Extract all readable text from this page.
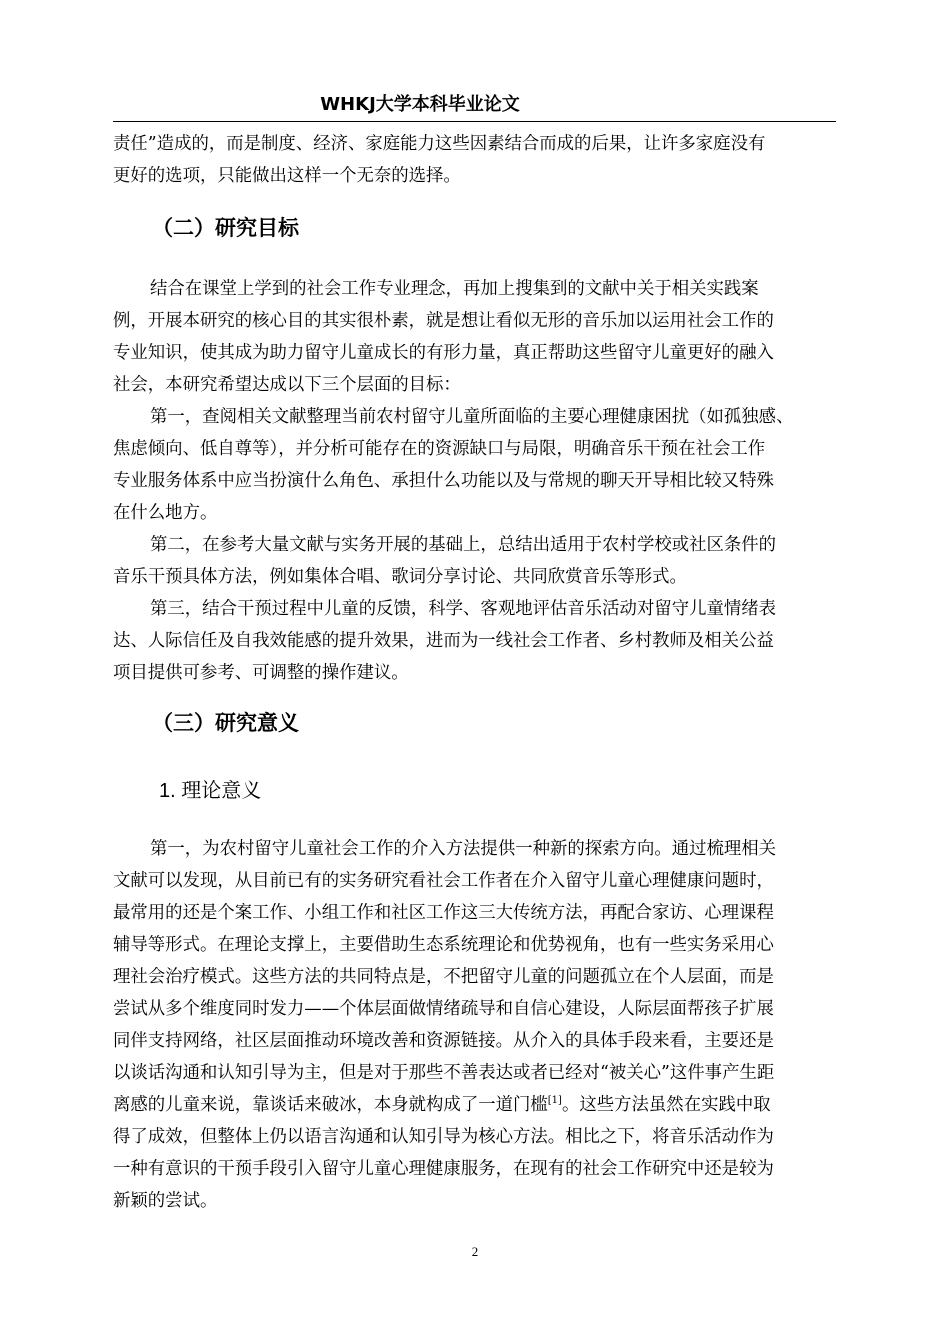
WHKJ大学本科毕业论文
责任”造成的，而是制度、经济、家庭能力这些因素结合而成的后果，让许多家庭没有
更好的选项，只能做出这样一个无奈的选择。
（二）研究目标
结合在课堂上学到的社会工作专业理念，再加上搜集到的文献中关于相关实践案
例，开展本研究的核心目的其实很朴素，就是想让看似无形的音乐加以运用社会工作的
专业知识，使其成为助力留守儿童成长的有形力量，真正帮助这些留守儿童更好的融入
社会，本研究希望达成以下三个层面的目标：
第一，查阅相关文献整理当前农村留守儿童所面临的主要心理健康困扰（如孤独感、
焦虑倾向、低自尊等），并分析可能存在的资源缺口与局限，明确音乐干预在社会工作
专业服务体系中应当扮演什么角色、承担什么功能以及与常规的聊天开导相比较又特殊
在什么地方。
第二，在参考大量文献与实务开展的基础上，总结出适用于农村学校或社区条件的
音乐干预具体方法，例如集体合唱、歌词分享讨论、共同欣赏音乐等形式。
第三，结合干预过程中儿童的反馈，科学、客观地评估音乐活动对留守儿童情绪表
达、人际信任及自我效能感的提升效果，进而为一线社会工作者、乡村教师及相关公益
项目提供可参考、可调整的操作建议。
（三）研究意义
1. 理论意义
第一，为农村留守儿童社会工作的介入方法提供一种新的探索方向。通过梳理相关
文献可以发现，从目前已有的实务研究看社会工作者在介入留守儿童心理健康问题时，
最常用的还是个案工作、小组工作和社区工作这三大传统方法，再配合家访、心理课程
辅导等形式。在理论支撑上，主要借助生态系统理论和优势视角，也有一些实务采用心
理社会治疗模式。这些方法的共同特点是，不把留守儿童的问题孤立在个人层面，而是
尝试从多个维度同时发力——个体层面做情绪疏导和自信心建设，人际层面帮孩子扩展
同伴支持网络，社区层面推动环境改善和资源链接。从介入的具体手段来看，主要还是
以谈话沟通和认知引导为主，但是对于那些不善表达或者已经对“被关心”这件事产生距
离感的儿童来说，靠谈话来破冰，本身就构成了一道门槛[1]。这些方法虽然在实践中取
得了成效，但整体上仍以语言沟通和认知引导为核心方法。相比之下，将音乐活动作为
一种有意识的干预手段引入留守儿童心理健康服务，在现有的社会工作研究中还是较为
新颖的尝试。
2
